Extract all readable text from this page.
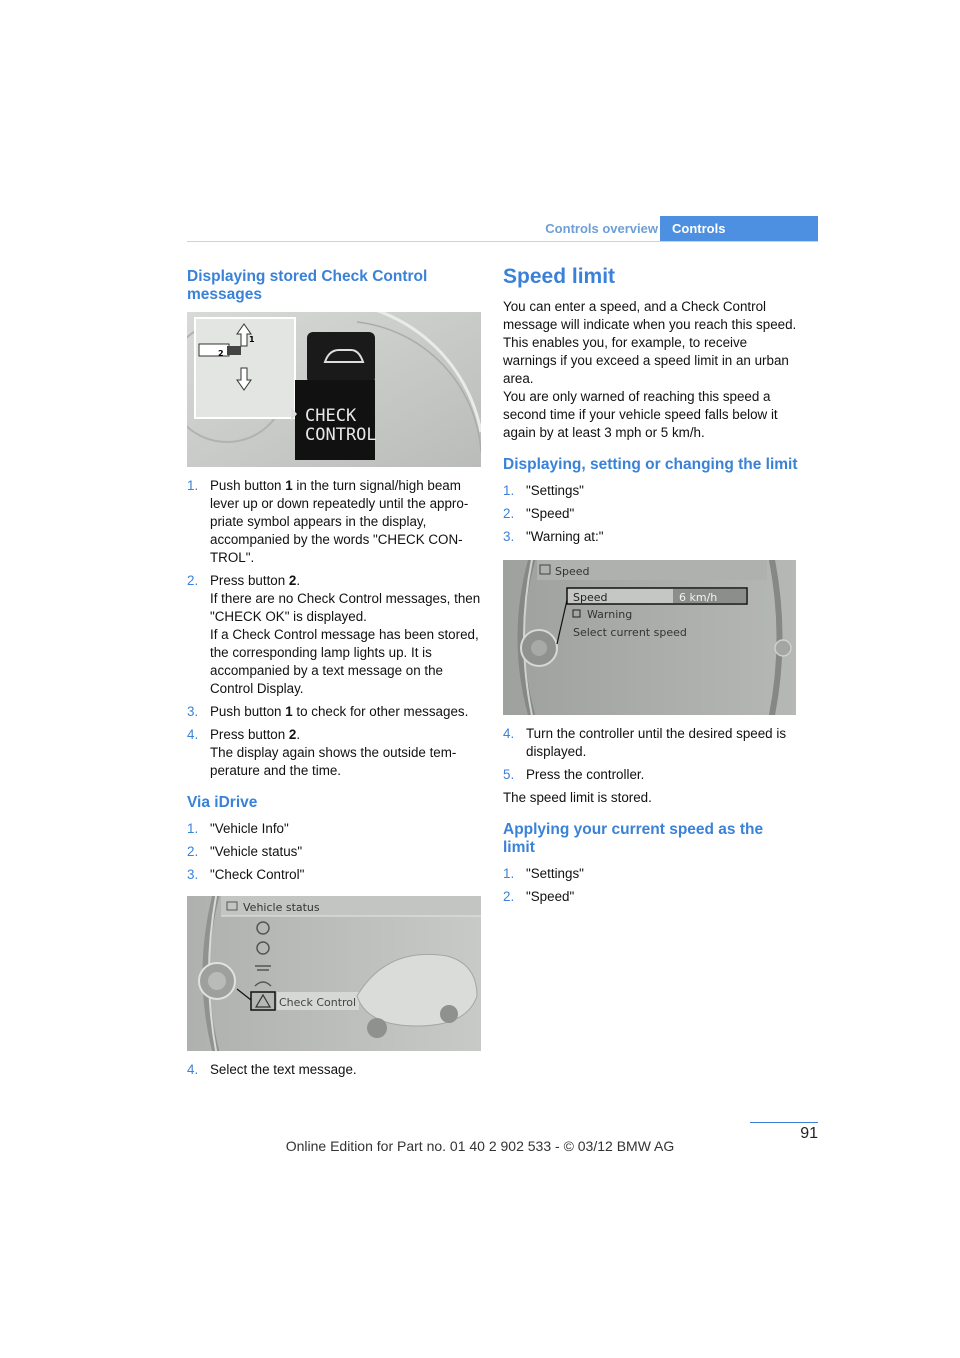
Controls overview	Controls
Displaying stored Check Control messages
CHECK
CONTROL
1
2
1. Push button 1 in the turn signal/high beam lever up or down repeatedly until the appropriate symbol appears in the display, accompanied by the words "CHECK CONTROL".
2. Press button 2.
If there are no Check Control messages, then "CHECK OK" is displayed.
If a Check Control message has been stored, the corresponding lamp lights up. It is accompanied by a text message on the Control Display.
3. Push button 1 to check for other messages.
4. Press button 2.
The display again shows the outside temperature and the time.
Via iDrive
1. "Vehicle Info"
2. "Vehicle status"
3. "Check Control"
Vehicle status
Check Control
4. Select the text message.
Speed limit

You can enter a speed, and a Check Control message will indicate when you reach this speed. This enables you, for example, to receive warnings if you exceed a speed limit in an urban area.

You are only warned of reaching this speed a second time if your vehicle speed falls below it again by at least 3 mph or 5 km/h.

Displaying, setting or changing the limit
1. "Settings"
2. "Speed"
3. "Warning at:"
Speed
Speed	6 km/h
Warning
Select current speed
4. Turn the controller until the desired speed is displayed.
5. Press the controller.

The speed limit is stored.

Applying your current speed as the limit
1. "Settings"
2. "Speed"
91
Online Edition for Part no. 01 40 2 902 533 - © 03/12 BMW AG
